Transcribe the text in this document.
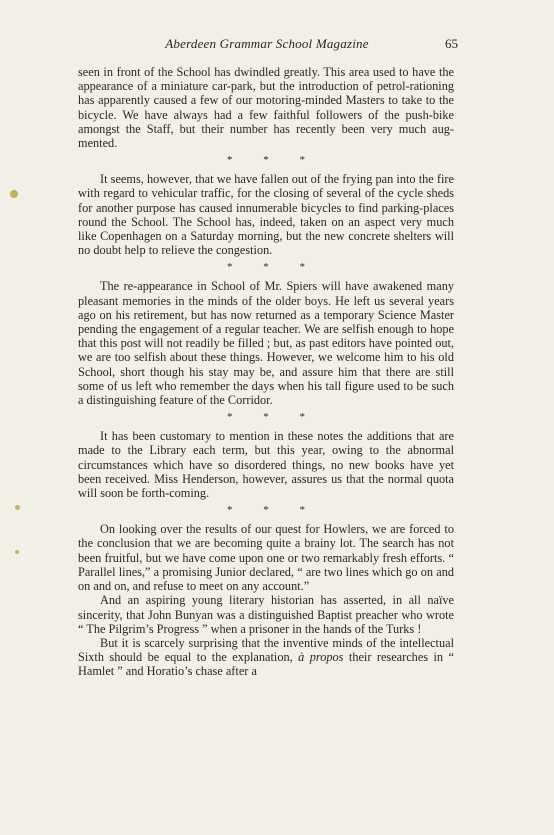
Aberdeen Grammar School Magazine	65

seen in front of the School has dwindled greatly. This area used to have the appearance of a miniature car-park, but the introduction of petrol-rationing has apparently caused a few of our motoring-minded Masters to take to the bicycle. We have always had a few faithful followers of the push-bike amongst the Staff, but their number has recently been very much aug-mented.

* * *

It seems, however, that we have fallen out of the frying pan into the fire with regard to vehicular traffic, for the closing of several of the cycle sheds for another purpose has caused innumerable bicycles to find parking-places round the School. The School has, indeed, taken on an aspect very much like Copenhagen on a Saturday morning, but the new concrete shelters will no doubt help to relieve the congestion.

* * *

The re-appearance in School of Mr. Spiers will have awakened many pleasant memories in the minds of the older boys. He left us several years ago on his retirement, but has now returned as a temporary Science Master pending the engagement of a regular teacher. We are selfish enough to hope that this post will not readily be filled ; but, as past editors have pointed out, we are too selfish about these things. However, we welcome him to his old School, short though his stay may be, and assure him that there are still some of us left who remember the days when his tall figure used to be such a distinguishing feature of the Corridor.

* * *

It has been customary to mention in these notes the additions that are made to the Library each term, but this year, owing to the abnormal circumstances which have so disordered things, no new books have yet been received. Miss Henderson, however, assures us that the normal quota will soon be forth-coming.

* * *

On looking over the results of our quest for Howlers, we are forced to the conclusion that we are becoming quite a brainy lot. The search has not been fruitful, but we have come upon one or two remarkably fresh efforts. “ Parallel lines,” a promising Junior declared, “ are two lines which go on and on and on, and refuse to meet on any account.”

And an aspiring young literary historian has asserted, in all naïve sincerity, that John Bunyan was a distinguished Baptist preacher who wrote “ The Pilgrim’s Progress ” when a prisoner in the hands of the Turks !

But it is scarcely surprising that the inventive minds of the intellectual Sixth should be equal to the explanation, à propos their researches in “ Hamlet ” and Horatio’s chase after a
